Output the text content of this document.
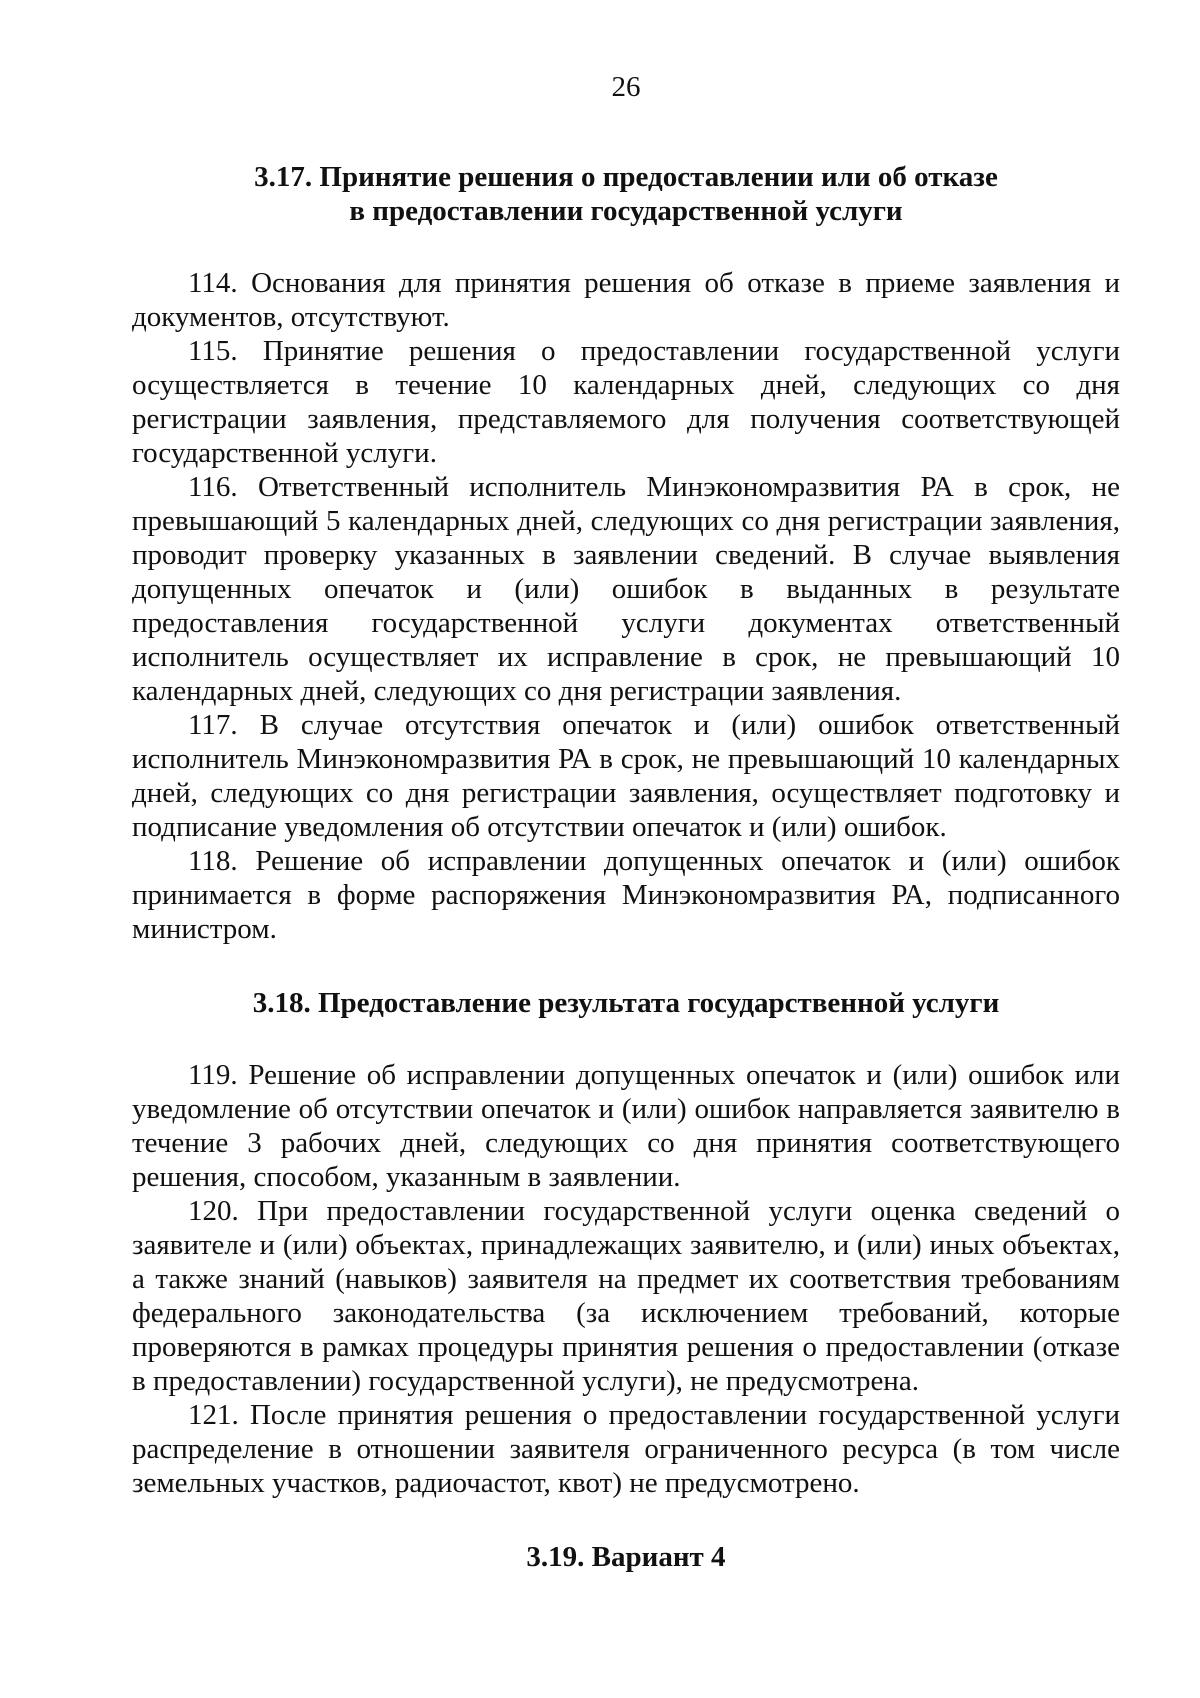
26
3.17. Принятие решения о предоставлении или об отказе
в предоставлении государственной услуги

114. Основания для принятия решения об отказе в приеме заявления и документов, отсутствуют.

115. Принятие решения о предоставлении государственной услуги осуществляется в течение 10 календарных дней, следующих со дня регистрации заявления, представляемого для получения соответствующей государственной услуги.

116. Ответственный исполнитель Минэкономразвития РА в срок, не превышающий 5 календарных дней, следующих со дня регистрации заявления, проводит проверку указанных в заявлении сведений. В случае выявления допущенных опечаток и (или) ошибок в выданных в результате предоставления государственной услуги документах ответственный исполнитель осуществляет их исправление в срок, не превышающий 10 календарных дней, следующих со дня регистрации заявления.

117. В случае отсутствия опечаток и (или) ошибок ответственный исполнитель Минэкономразвития РА в срок, не превышающий 10 календарных дней, следующих со дня регистрации заявления, осуществляет подготовку и подписание уведомления об отсутствии опечаток и (или) ошибок.

118. Решение об исправлении допущенных опечаток и (или) ошибок принимается в форме распоряжения Минэкономразвития РА, подписанного министром.

3.18. Предоставление результата государственной услуги

119. Решение об исправлении допущенных опечаток и (или) ошибок или уведомление об отсутствии опечаток и (или) ошибок направляется заявителю в течение 3 рабочих дней, следующих со дня принятия соответствующего решения, способом, указанным в заявлении.

120. При предоставлении государственной услуги оценка сведений о заявителе и (или) объектах, принадлежащих заявителю, и (или) иных объектах, а также знаний (навыков) заявителя на предмет их соответствия требованиям федерального законодательства (за исключением требований, которые проверяются в рамках процедуры принятия решения о предоставлении (отказе в предоставлении) государственной услуги), не предусмотрена.

121. После принятия решения о предоставлении государственной услуги распределение в отношении заявителя ограниченного ресурса (в том числе земельных участков, радиочастот, квот) не предусмотрено.

3.19. Вариант 4
